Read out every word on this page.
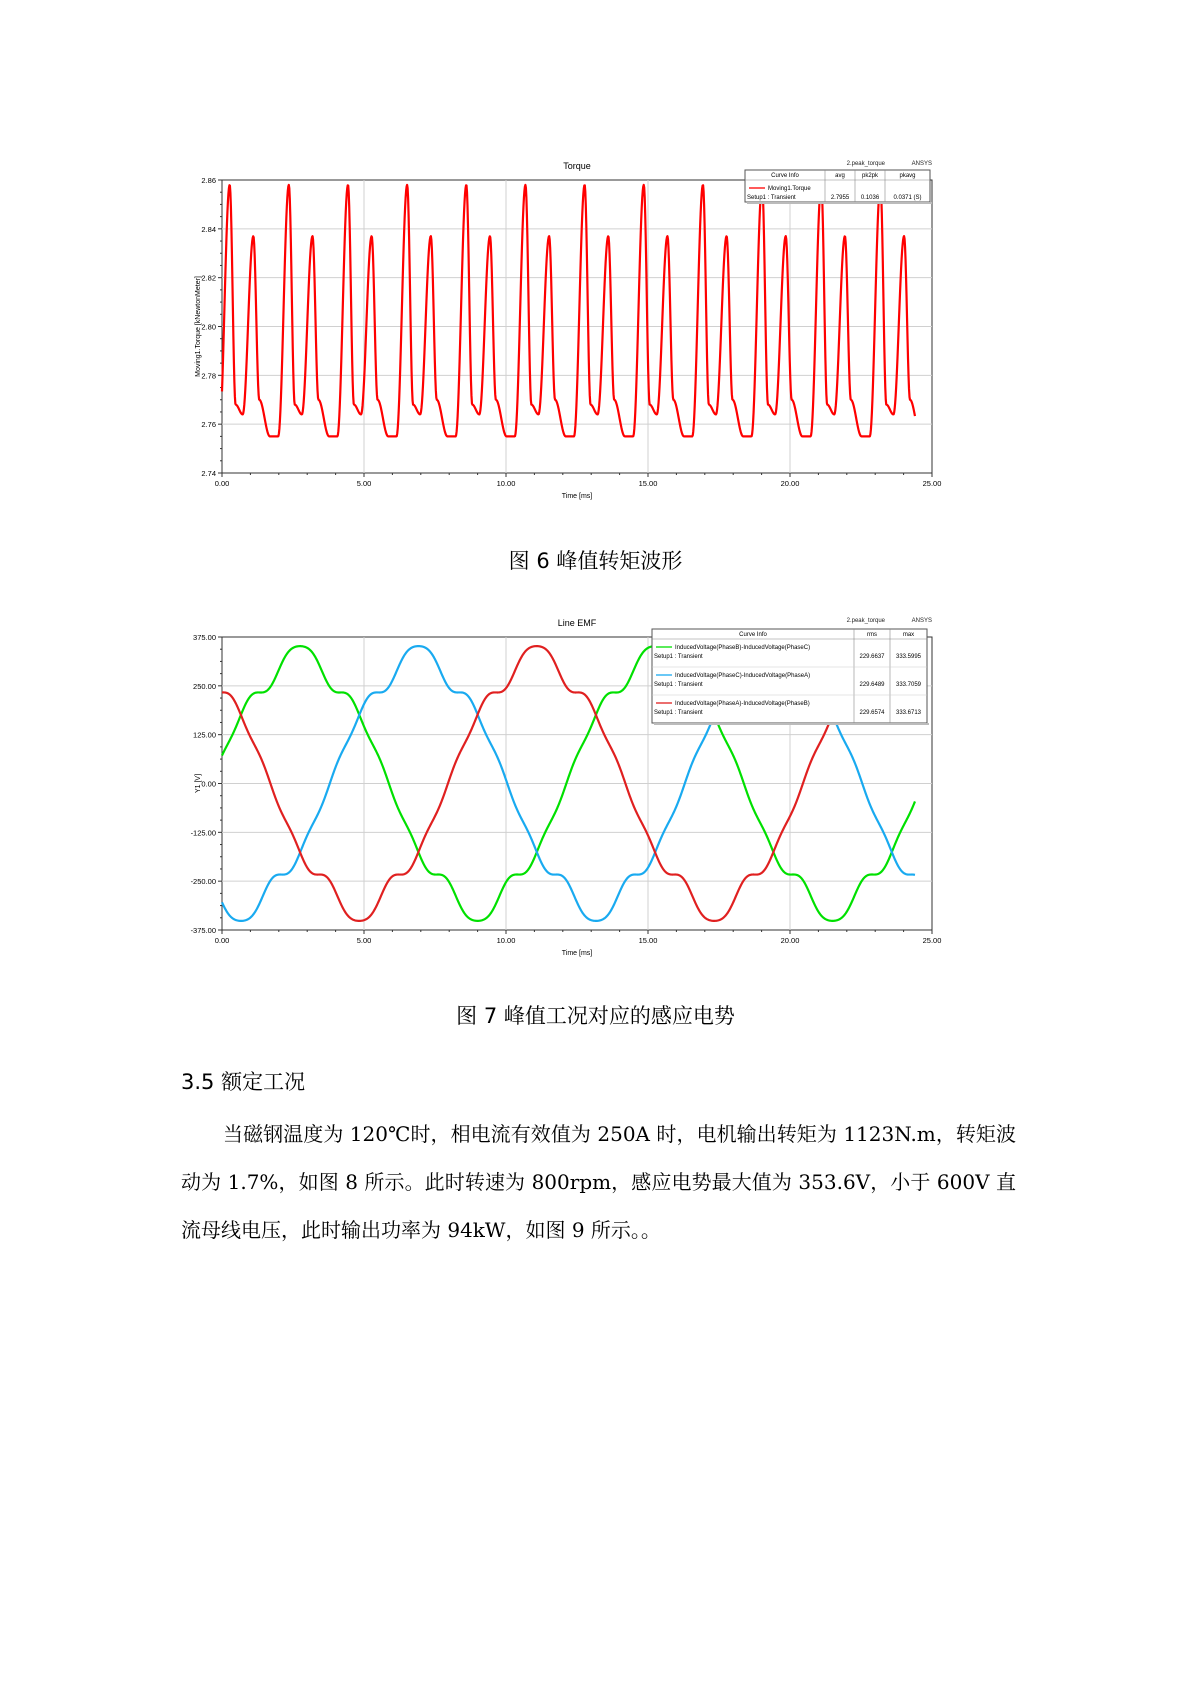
Torque	2.peak_torque	ANSYS
0.00	5.00	10.00	15.00	20.00	25.00
2.74
2.76
2.78
2.80
2.82
2.84
2.86
Time [ms]
Moving1.Torque [kNewtonMeter]
Curve Info	avg	pk2pk	pkavg
Moving1.Torque
Setup1 : Transient	2.7955 0.1036 0.0371 (S)
图 6 峰值转矩波形
Line EMF	2.peak_torque	ANSYS
0.00	5.00	10.00	15.00	20.00	25.00
-375.00
-250.00
-125.00
0.00
125.00
250.00
375.00
Time [ms]
Y1 [V]
Curve Info	rms	max
InducedVoltage(PhaseB)-InducedVoltage(PhaseC)
Setup1 : Transient	229.6637 333.5995
InducedVoltage(PhaseC)-InducedVoltage(PhaseA)
Setup1 : Transient	229.6489 333.7059
InducedVoltage(PhaseA)-InducedVoltage(PhaseB)
Setup1 : Transient	229.6574 333.6713
图 7 峰值工况对应的感应电势
3.5 额定工况

当磁钢温度为 120℃时，相电流有效值为 250A 时，电机输出转矩为 1123N.m，转矩波动为 1.7%，如图 8 所示。此时转速为 800rpm，感应电势最大值为 353.6V，小于 600V 直流母线电压，此时输出功率为 94kW，如图 9 所示。。
